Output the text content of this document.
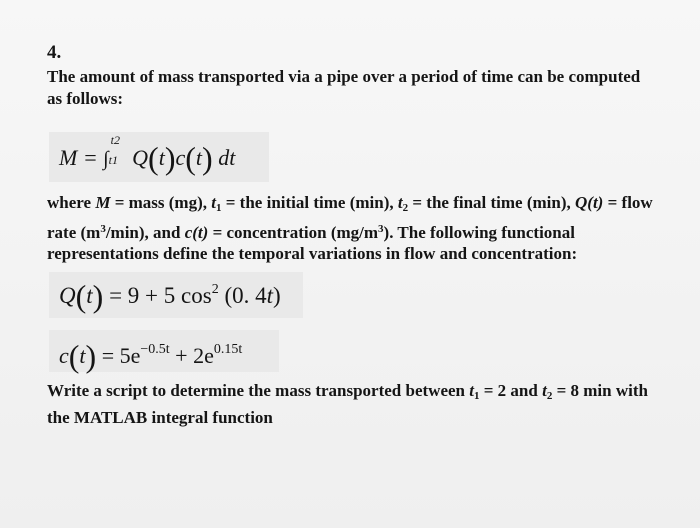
4.
The amount of mass transported via a pipe over a period of time can be computed as follows:
M = ∫
t2
t1 Q(t)c(t) dt
where M = mass (mg), $t_1$ = the initial time (min), $t_2$ = the final time (min), Q(t) = flow rate $(m^3/\min)$, and c(t) = concentration $(mg/m^3)$. The following functional representations define the temporal variations in flow and concentration:
Q(t) = 9 + 5 $\cos^2 (0$. 4t)
$c(t) = 5e^{-0.5t} + 2e^{0.15t}$
Write a script to determine the mass transported between $t_1 = 2$ and $t_2 = 8$ min with the MATLAB integral function
